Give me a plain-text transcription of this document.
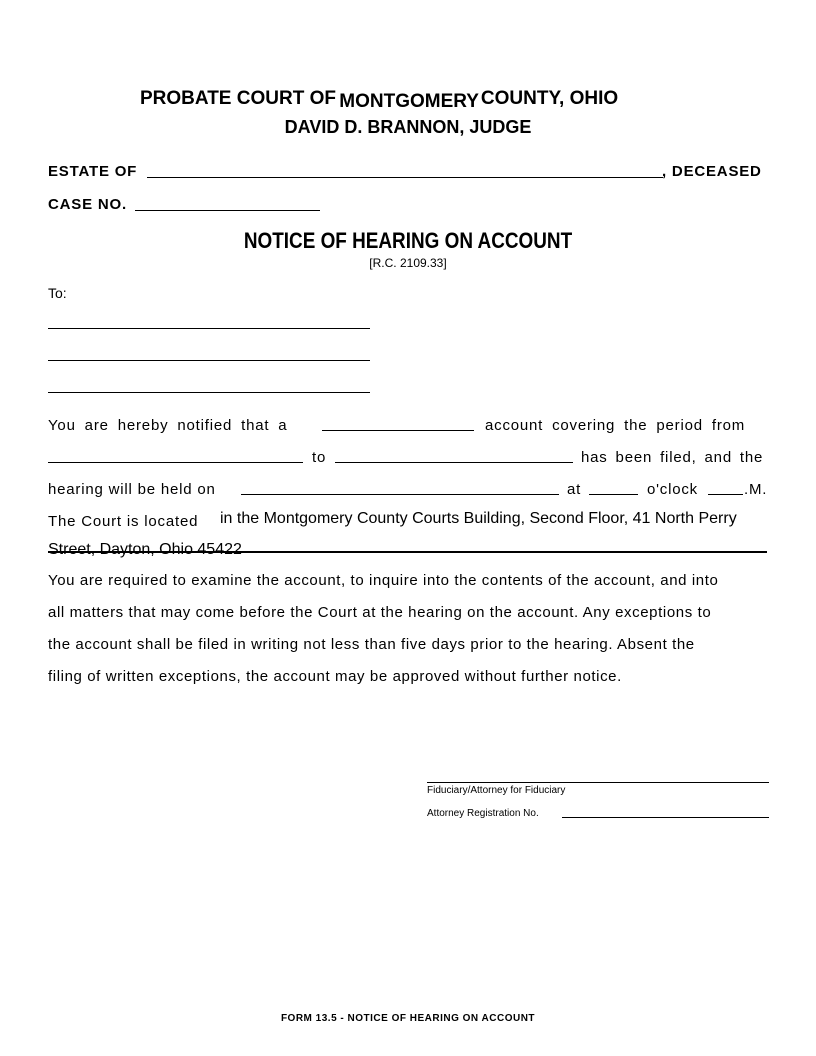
PROBATE COURT OF MONTGOMERY COUNTY, OHIO
DAVID D. BRANNON, JUDGE
ESTATE OF	, DECEASED
CASE NO.
NOTICE OF HEARING ON ACCOUNT
[R.C. 2109.33]
To:
You are hereby notified that a	account covering the period from
to	has been filed, and the
hearing will be held on	at	o'clock	.M.
The Court is located in the Montgomery County Courts Building, Second Floor, 41 North Perry
Street, Dayton, Ohio 45422
You are required to examine the account, to inquire into the contents of the account, and into
all matters that may come before the Court at the hearing on the account. Any exceptions to
the account shall be filed in writing not less than five days prior to the hearing. Absent the
filing of written exceptions, the account may be approved without further notice.
Fiduciary/Attorney for Fiduciary
Attorney Registration No.
FORM 13.5 - NOTICE OF HEARING ON ACCOUNT
